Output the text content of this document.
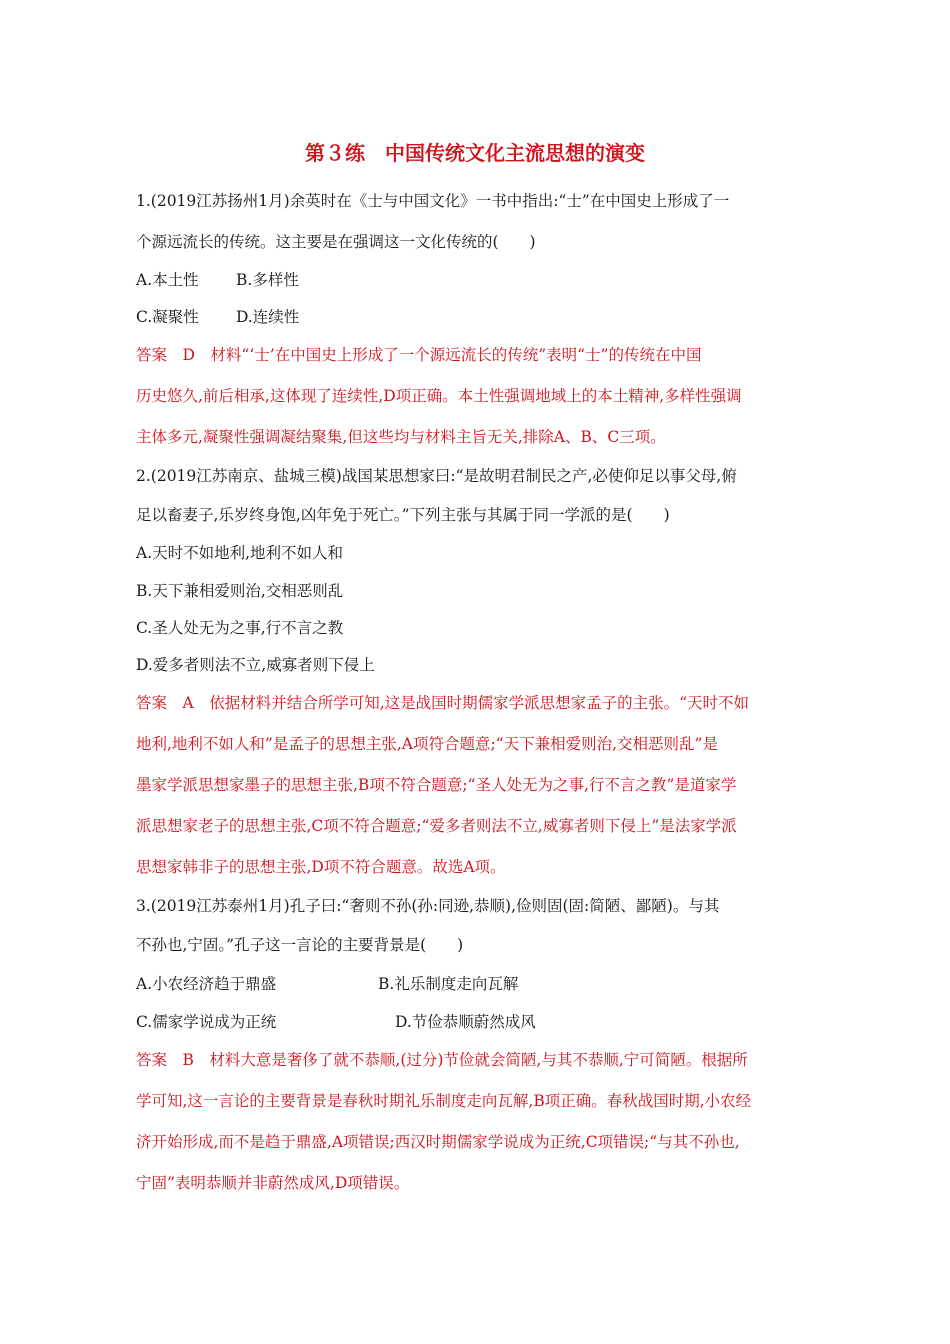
第３练　中国传统文化主流思想的演变
1.(2019江苏扬州1月)余英时在《士与中国文化》一书中指出:“士”在中国史上形成了一
个源远流长的传统。这主要是在强调这一文化传统的(　　)
A.本土性 B.多样性
C.凝聚性 D.连续性
答案　D　材料“‘士’在中国史上形成了一个源远流长的传统”表明“士”的传统在中国
历史悠久,前后相承,这体现了连续性,D项正确。本土性强调地域上的本土精神,多样性强调
主体多元,凝聚性强调凝结聚集,但这些均与材料主旨无关,排除A、B、C三项。
2.(2019江苏南京、盐城三模)战国某思想家曰:“是故明君制民之产,必使仰足以事父母,俯
足以畜妻子,乐岁终身饱,凶年免于死亡。”下列主张与其属于同一学派的是(　　)
A.天时不如地利,地利不如人和
B.天下兼相爱则治,交相恶则乱
C.圣人处无为之事,行不言之教
D.爱多者则法不立,威寡者则下侵上
答案　A　依据材料并结合所学可知,这是战国时期儒家学派思想家孟子的主张。“天时不如
地利,地利不如人和”是孟子的思想主张,A项符合题意;“天下兼相爱则治,交相恶则乱”是
墨家学派思想家墨子的思想主张,B项不符合题意;“圣人处无为之事,行不言之教”是道家学
派思想家老子的思想主张,C项不符合题意;“爱多者则法不立,威寡者则下侵上”是法家学派
思想家韩非子的思想主张,D项不符合题意。故选A项。
3.(2019江苏泰州1月)孔子曰:“奢则不孙(孙:同逊,恭顺),俭则固(固:简陋、鄙陋)。与其
不孙也,宁固。”孔子这一言论的主要背景是(　　)
A.小农经济趋于鼎盛	B.礼乐制度走向瓦解
C.儒家学说成为正统	D.节俭恭顺蔚然成风
答案　B　材料大意是奢侈了就不恭顺,(过分)节俭就会简陋,与其不恭顺,宁可简陋。根据所
学可知,这一言论的主要背景是春秋时期礼乐制度走向瓦解,B项正确。春秋战国时期,小农经
济开始形成,而不是趋于鼎盛,A项错误;西汉时期儒家学说成为正统,C项错误;“与其不孙也,
宁固”表明恭顺并非蔚然成风,D项错误。
